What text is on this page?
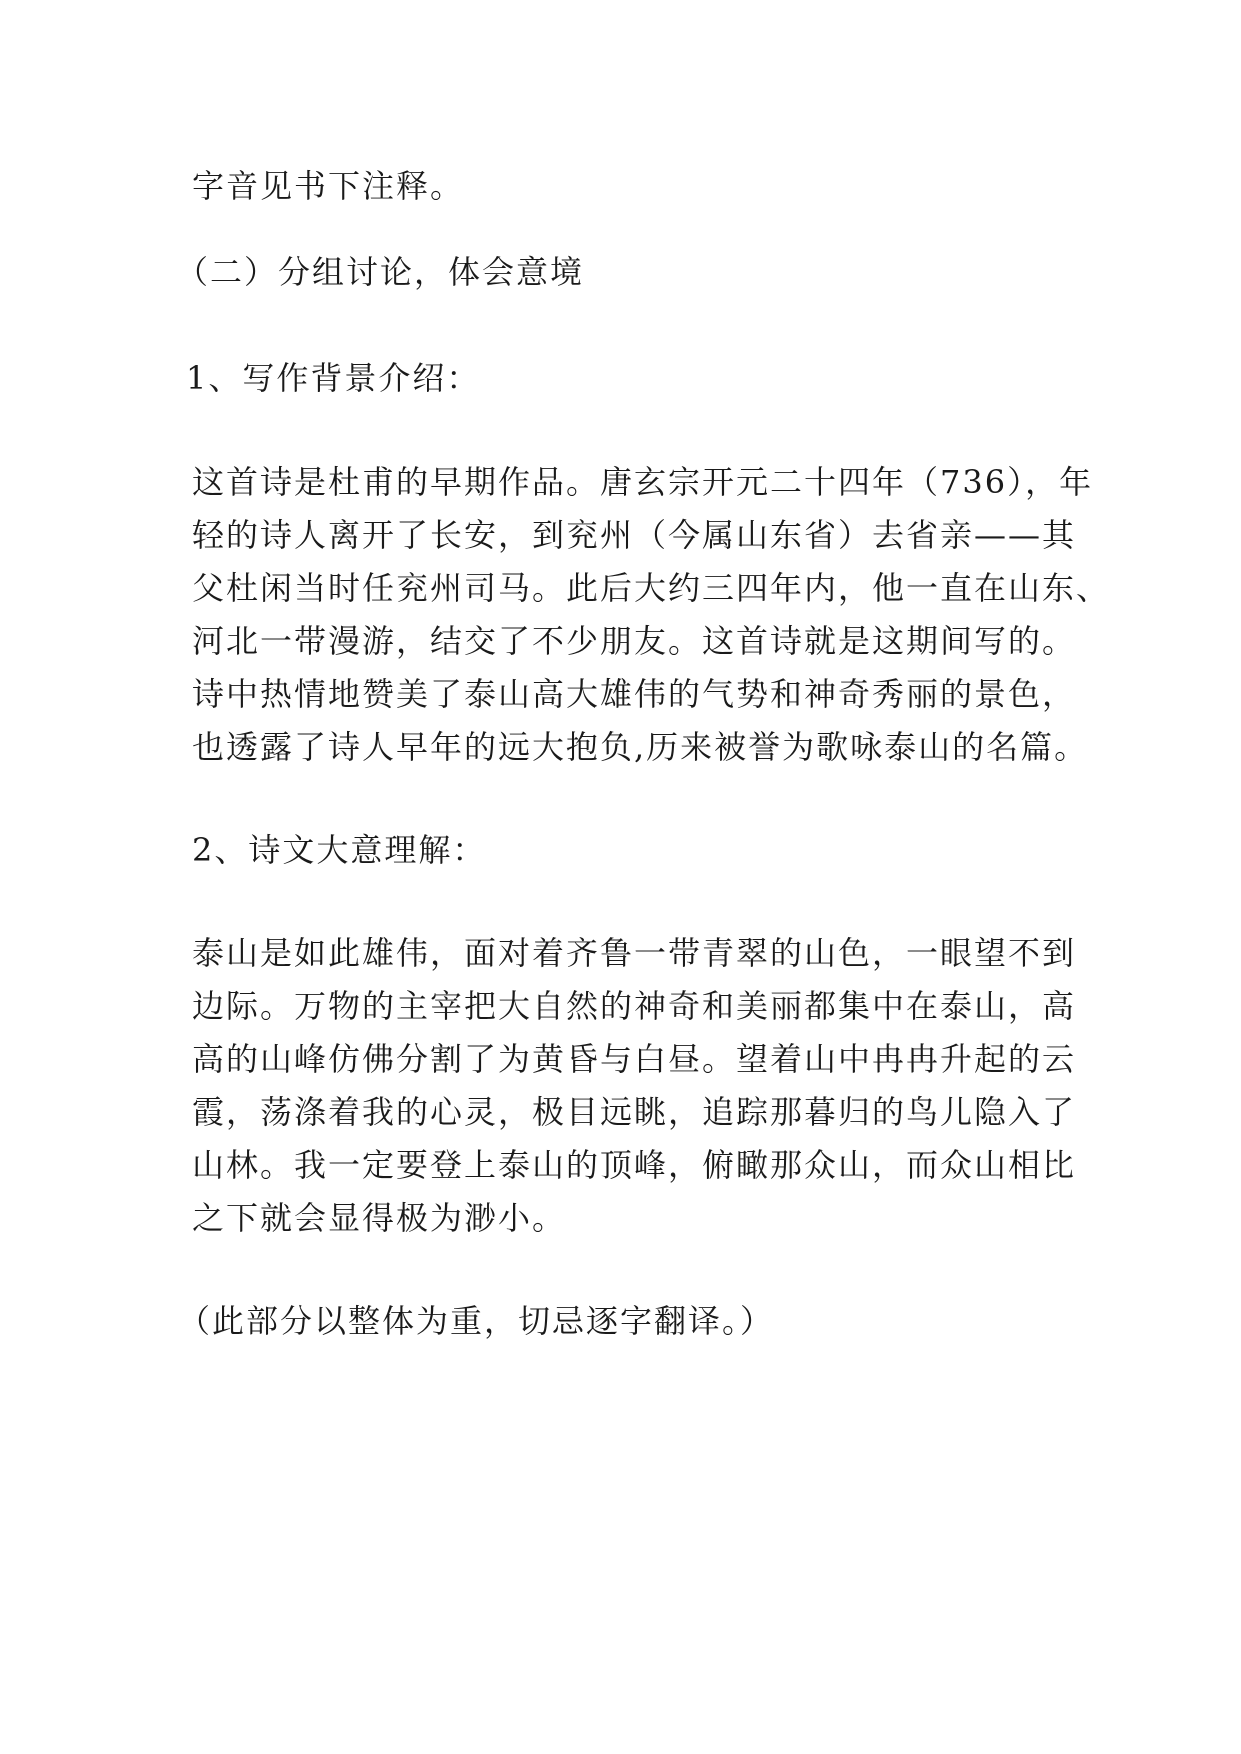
字音见书下注释。
（二）分组讨论，体会意境
1、写作背景介绍：
这首诗是杜甫的早期作品。唐玄宗开元二十四年（736），年
轻的诗人离开了长安，到兖州（今属山东省）去省亲——其
父杜闲当时任兖州司马。此后大约三四年内，他一直在山东、
河北一带漫游，结交了不少朋友。这首诗就是这期间写的。
诗中热情地赞美了泰山高大雄伟的气势和神奇秀丽的景色，
也透露了诗人早年的远大抱负,历来被誉为歌咏泰山的名篇。
2、诗文大意理解：
泰山是如此雄伟，面对着齐鲁一带青翠的山色，一眼望不到
边际。万物的主宰把大自然的神奇和美丽都集中在泰山，高
高的山峰仿佛分割了为黄昏与白昼。望着山中冉冉升起的云
霞，荡涤着我的心灵，极目远眺，追踪那暮归的鸟儿隐入了
山林。我一定要登上泰山的顶峰，俯瞰那众山，而众山相比
之下就会显得极为渺小。
（此部分以整体为重，切忌逐字翻译。）
